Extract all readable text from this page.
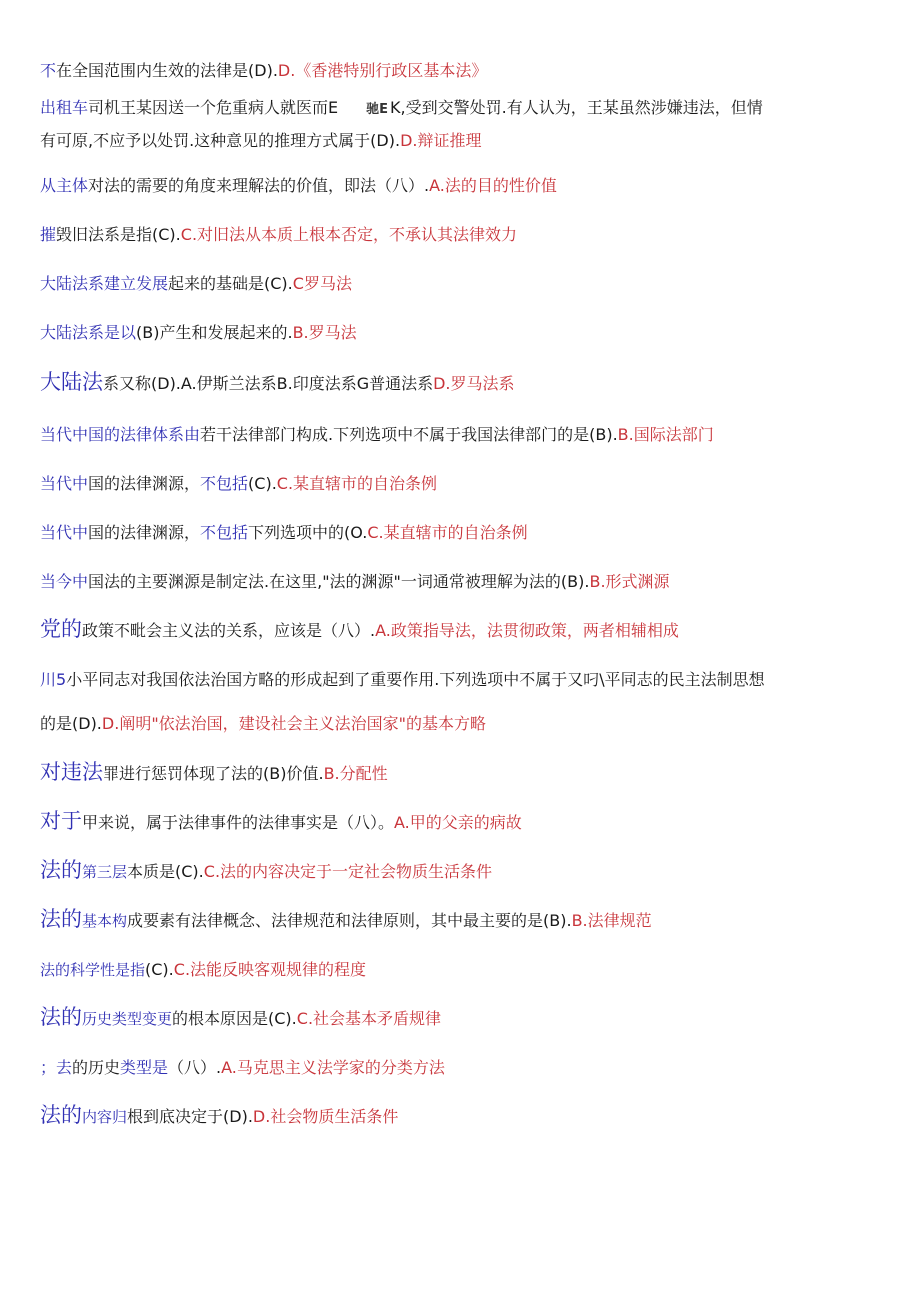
不在全国范围内生效的法律是(D).D.《香港特别行政区基本法》
出租车司机王某因送一个危重病人就医而E 驰E K,受到交警处罚.有人认为，王某虽然涉嫌违法，但情
有可原,不应予以处罚.这种意见的推理方式属于(D).D.辩证推理
从主体对法的需要的角度来理解法的价值，即法（八）.A.法的目的性价值
摧毁旧法系是指(C).C.对旧法从本质上根本否定，不承认其法律效力
大陆法系建立发展起来的基础是(C).C罗马法
大陆法系是以(B)产生和发展起来的.B.罗马法
大陆法系又称(D).A.伊斯兰法系B.印度法系G普通法系D.罗马法系
当代中国的法律体系由若干法律部门构成.下列选项中不属于我国法律部门的是(B).B.国际法部门
当代中国的法律渊源，不包括(C).C.某直辖市的自治条例
当代中国的法律渊源，不包括下列选项中的(O.C.某直辖市的自治条例
当今中国法的主要渊源是制定法.在这里,"法的渊源"一词通常被理解为法的(B).B.形式渊源
党的政策不毗会主义法的关系，应该是（八）.A.政策指导法，法贯彻政策，两者相辅相成
川5小平同志对我国依法治国方略的形成起到了重要作用.下列选项中不属于又叼\平同志的民主法制思想
的是(D).D.阐明"依法治国，建设社会主义法治国家"的基本方略
对违法罪进行惩罚体现了法的(B)价值.B.分配性
对于甲来说，属于法律事件的法律事实是（八）。A.甲的父亲的病故
法的第三层本质是(C).C.法的内容决定于一定社会物质生活条件
法的基本构成要素有法律概念、法律规范和法律原则，其中最主要的是(B).B.法律规范
法的科学性是指(C).C.法能反映客观规律的程度
法的历史类型变更的根本原因是(C).C.社会基本矛盾规律
；去的历史类型是（八）.A.马克思主义法学家的分类方法
法的内容归根到底决定于(D).D.社会物质生活条件
